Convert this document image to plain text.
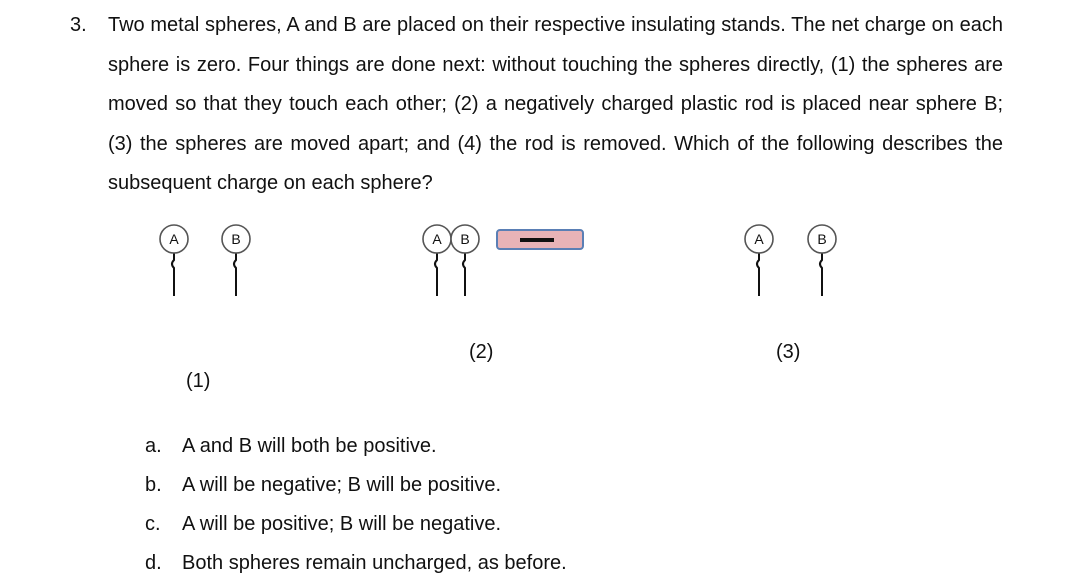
3. Two metal spheres, A and B are placed on their respective insulating stands. The net charge on each sphere is zero. Four things are done next: without touching the spheres directly, (1) the spheres are moved so that they touch each other; (2) a negatively charged plastic rod is placed near sphere B; (3) the spheres are moved apart; and (4) the rod is removed. Which of the following describes the subsequent charge on each sphere?
A	B	A B	A	B
(1)
(2)	(3)
a. A and B will both be positive.
b. A will be negative; B will be positive.
c. A will be positive; B will be negative.
d. Both spheres remain uncharged, as before.
